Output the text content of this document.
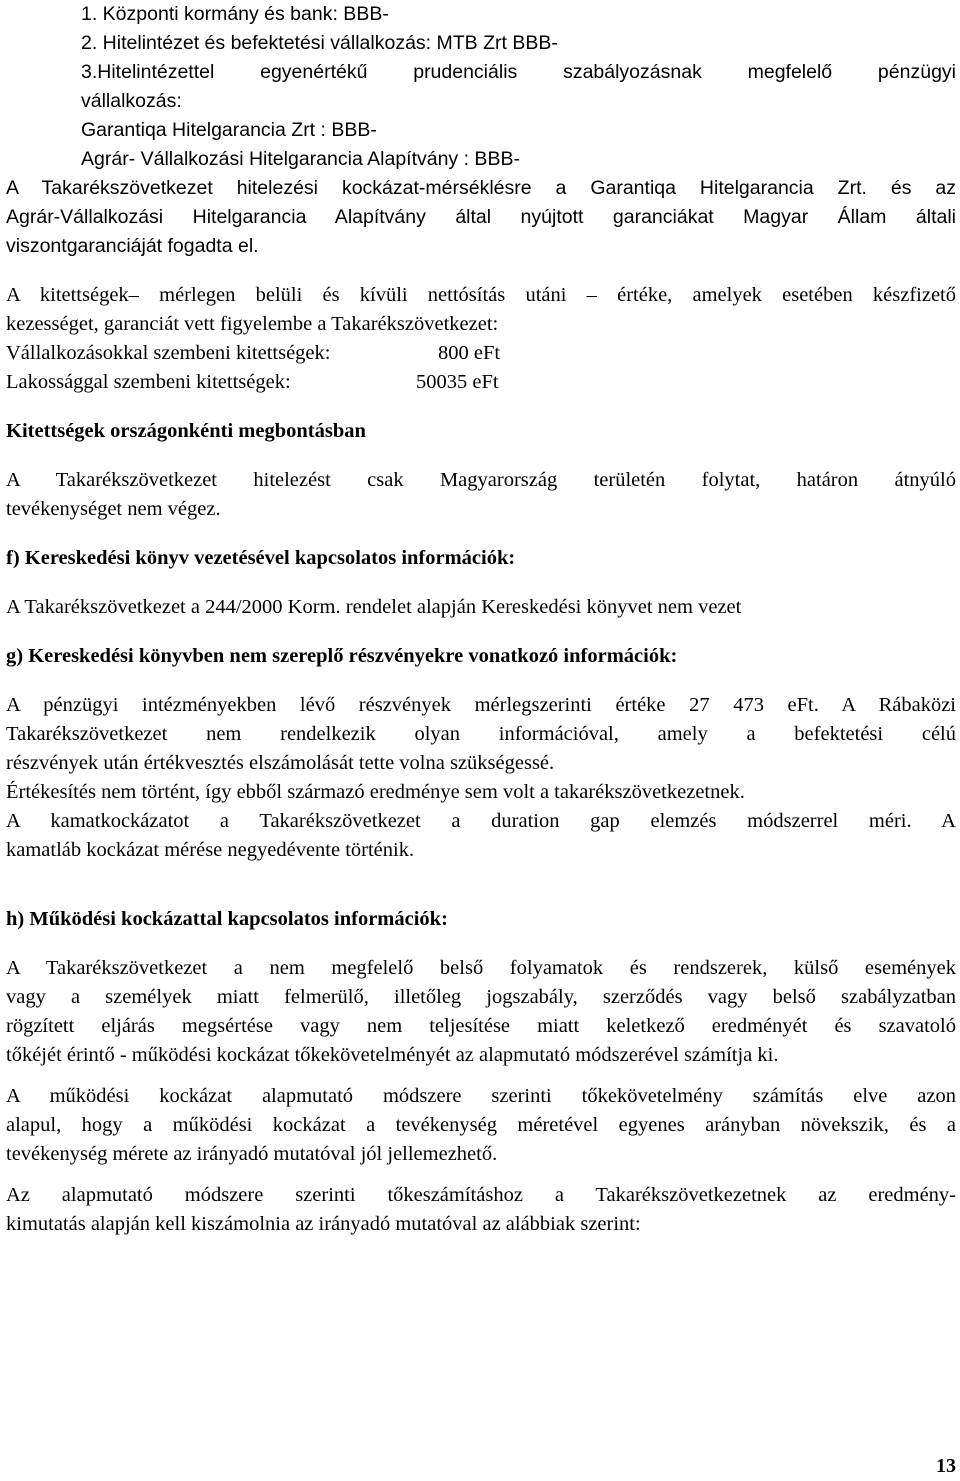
1. Központi kormány és bank: BBB-
2. Hitelintézet és befektetési vállalkozás: MTB Zrt BBB-
3.Hitelintézettel egyenértékű prudenciális szabályozásnak megfelelő pénzügyi
vállalkozás:
Garantiqa Hitelgarancia Zrt : BBB-
Agrár- Vállalkozási Hitelgarancia Alapítvány : BBB-
A Takarékszövetkezet hitelezési kockázat-mérséklésre a Garantiqa Hitelgarancia Zrt. és az
Agrár-Vállalkozási Hitelgarancia Alapítvány által nyújtott garanciákat Magyar Állam általi
viszontgaranciáját fogadta el.
A kitettségek– mérlegen belüli és kívüli nettósítás utáni – értéke, amelyek esetében készfizető
kezességet, garanciát vett figyelembe a Takarékszövetkezet:
Vállalkozásokkal szembeni kitettségek:	800 eFt
Lakossággal szembeni kitettségek:	50035 eFt
Kitettségek országonkénti megbontásban
A Takarékszövetkezet hitelezést csak Magyarország területén folytat, határon átnyúló
tevékenységet nem végez.
f) Kereskedési könyv vezetésével kapcsolatos információk:
A Takarékszövetkezet a 244/2000 Korm. rendelet alapján Kereskedési könyvet nem vezet
g) Kereskedési könyvben nem szereplő részvényekre vonatkozó információk:
A pénzügyi intézményekben lévő részvények mérlegszerinti értéke 27 473 eFt. A Rábaközi
Takarékszövetkezet nem rendelkezik olyan információval, amely a befektetési célú
részvények után értékvesztés elszámolását tette volna szükségessé.
Értékesítés nem történt, így ebből származó eredménye sem volt a takarékszövetkezetnek.
A kamatkockázatot a Takarékszövetkezet a duration gap elemzés módszerrel méri. A
kamatláb kockázat mérése negyedévente történik.
h) Működési kockázattal kapcsolatos információk:
A Takarékszövetkezet a nem megfelelő belső folyamatok és rendszerek, külső események
vagy a személyek miatt felmerülő, illetőleg jogszabály, szerződés vagy belső szabályzatban
rögzített eljárás megsértése vagy nem teljesítése miatt keletkező eredményét és szavatoló
tőkéjét érintő - működési kockázat tőkekövetelményét az alapmutató módszerével számítja ki.
A működési kockázat alapmutató módszere szerinti tőkekövetelmény számítás elve azon
alapul, hogy a működési kockázat a tevékenység méretével egyenes arányban növekszik, és a
tevékenység mérete az irányadó mutatóval jól jellemezhető.
Az alapmutató módszere szerinti tőkeszámításhoz a Takarékszövetkezetnek az eredmény-
kimutatás alapján kell kiszámolnia az irányadó mutatóval az alábbiak szerint:
13
